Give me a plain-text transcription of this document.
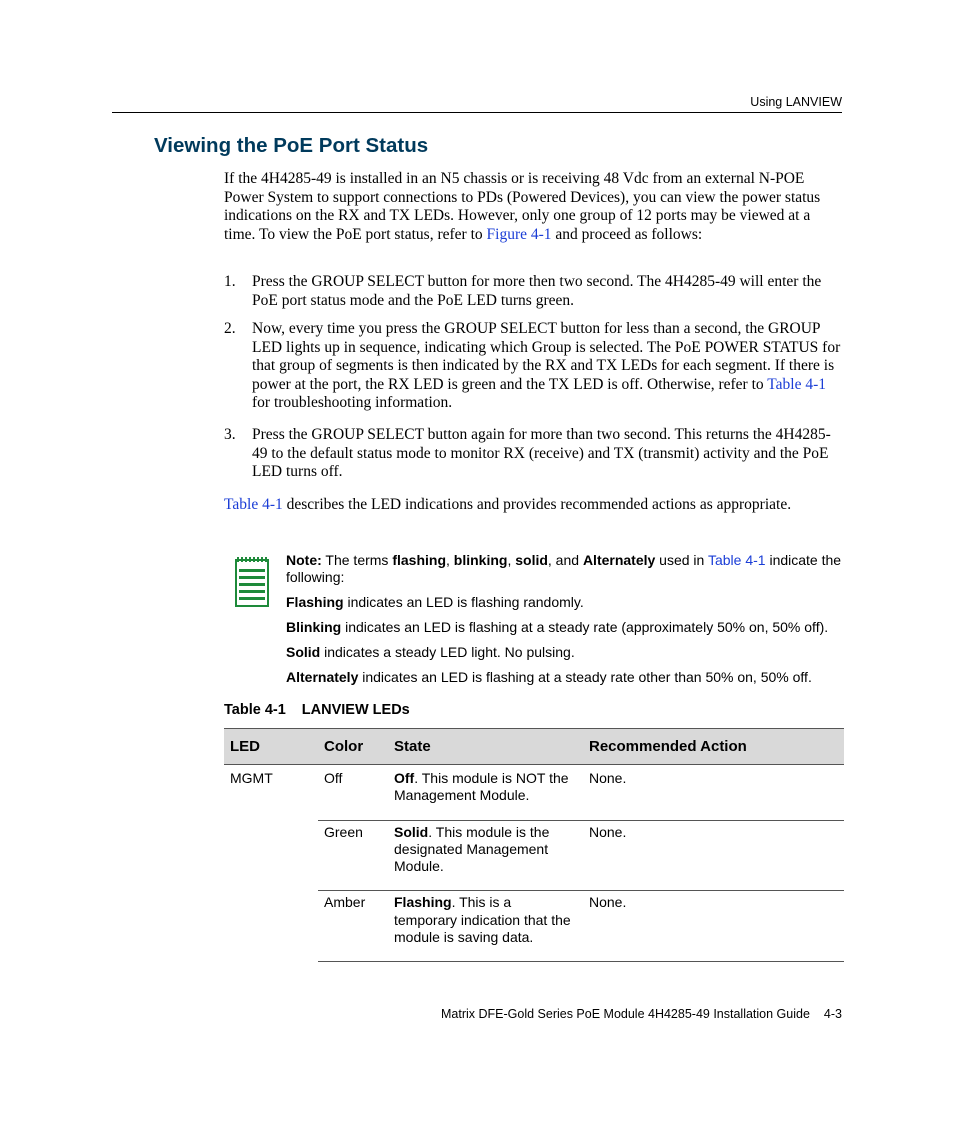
Using LANVIEW
Viewing the PoE Port Status

If the 4H4285-49 is installed in an N5 chassis or is receiving 48 Vdc from an external N-POE Power System to support connections to PDs (Powered Devices), you can view the power status indications on the RX and TX LEDs. However, only one group of 12 ports may be viewed at a time. To view the PoE port status, refer to Figure 4-1 and proceed as follows:

1. Press the GROUP SELECT button for more then two second. The 4H4285-49 will enter the PoE port status mode and the PoE LED turns green.
2. Now, every time you press the GROUP SELECT button for less than a second, the GROUP LED lights up in sequence, indicating which Group is selected. The PoE POWER STATUS for that group of segments is then indicated by the RX and TX LEDs for each segment. If there is power at the port, the RX LED is green and the TX LED is off. Otherwise, refer to Table 4-1 for troubleshooting information.
3. Press the GROUP SELECT button again for more than two second. This returns the 4H4285-49 to the default status mode to monitor RX (receive) and TX (transmit) activity and the PoE LED turns off.

Table 4-1 describes the LED indications and provides recommended actions as appropriate.

Note: The terms flashing, blinking, solid, and Alternately used in Table 4-1 indicate the following:

Flashing indicates an LED is flashing randomly.

Blinking indicates an LED is flashing at a steady rate (approximately 50% on, 50% off).

Solid indicates a steady LED light. No pulsing.

Alternately indicates an LED is flashing at a steady rate other than 50% on, 50% off.

Table 4-1 LANVIEW LEDs
LED	Color	State	Recommended Action
MGMT	Off	Off. This module is NOT the Management Module.	None.
	Green	Solid. This module is the designated Management Module.	None.
	Amber	Flashing. This is a temporary indication that the module is saving data.	None.
Matrix DFE-Gold Series PoE Module 4H4285-49 Installation Guide 4-3
